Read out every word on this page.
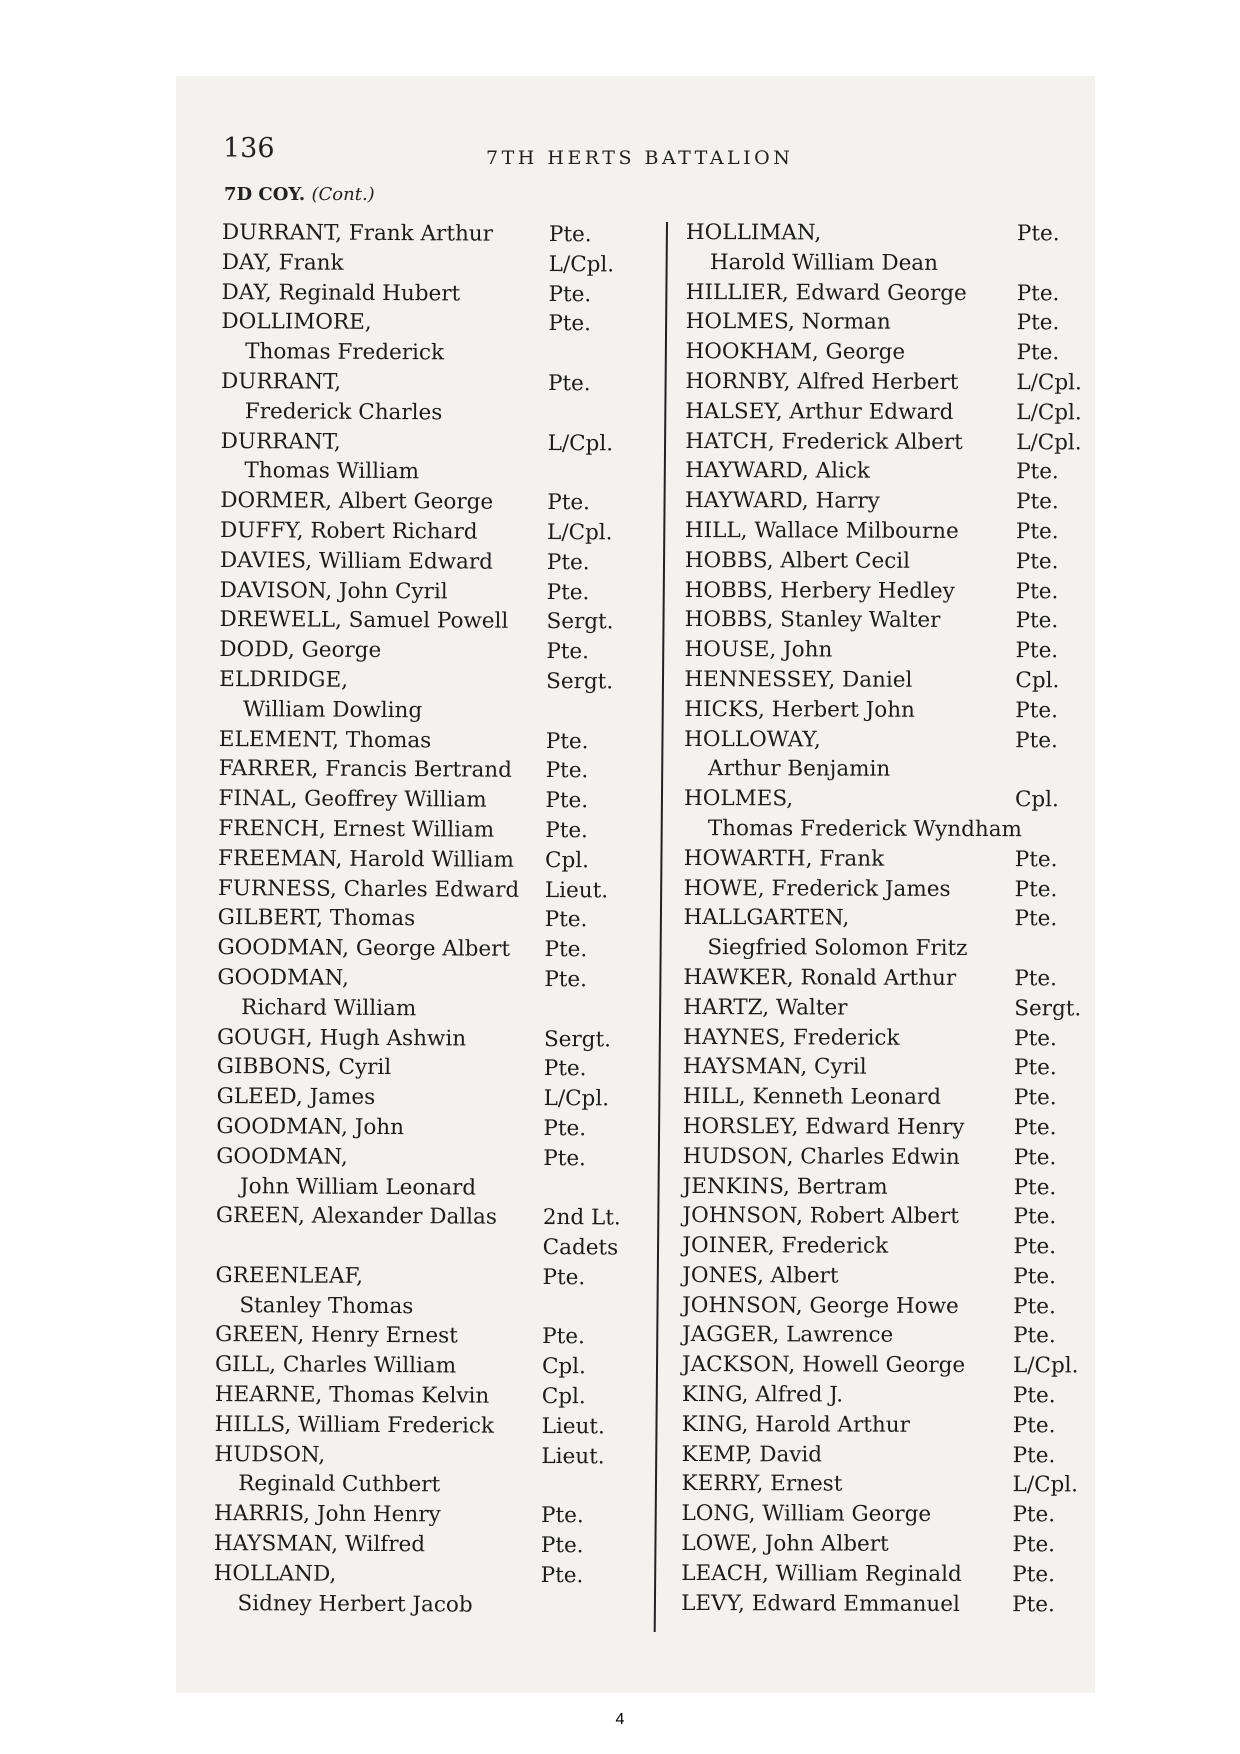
136	7TH HERTS BATTALION
7D COY. (Cont.)
DURRANT, Frank Arthur	Pte.
DAY, Frank	L/Cpl.
DAY, Reginald Hubert	Pte.
DOLLIMORE,	Pte.
Thomas Frederick
DURRANT,	Pte.
Frederick Charles
DURRANT,	L/Cpl.
Thomas William
DORMER, Albert George	Pte.
DUFFY, Robert Richard	L/Cpl.
DAVIES, William Edward	Pte.
DAVISON, John Cyril	Pte.
DREWELL, Samuel Powell Sergt.
DODD, George	Pte.
ELDRIDGE,	Sergt.
William Dowling
ELEMENT, Thomas	Pte.
FARRER, Francis Bertrand Pte.
FINAL, Geoffrey William	Pte.
FRENCH, Ernest William Pte.
FREEMAN, Harold William Cpl.
FURNESS, Charles Edward Lieut.
GILBERT, Thomas	Pte.
GOODMAN, George Albert Pte.
GOODMAN,	Pte.
Richard William
GOUGH, Hugh Ashwin	Sergt.
GIBBONS, Cyril	Pte.
GLEED, James	L/Cpl.
GOODMAN, John	Pte.
GOODMAN,	Pte.
John William Leonard
GREEN, Alexander Dallas 2nd Lt.
Cadets
GREENLEAF,	Pte.
Stanley Thomas
GREEN, Henry Ernest	Pte.
GILL, Charles William	Cpl.
HEARNE, Thomas Kelvin Cpl.
HILLS, William Frederick Lieut.
HUDSON,	Lieut.
Reginald Cuthbert
HARRIS, John Henry	Pte.
HAYSMAN, Wilfred	Pte.
HOLLAND,	Pte.
Sidney Herbert Jacob
HOLLIMAN,	Pte.
Harold William Dean
HILLIER, Edward George Pte.
HOLMES, Norman	Pte.
HOOKHAM, George	Pte.
HORNBY, Alfred Herbert	L/Cpl.
HALSEY, Arthur Edward	L/Cpl.
HATCH, Frederick Albert L/Cpl.
HAYWARD, Alick	Pte.
HAYWARD, Harry	Pte.
HILL, Wallace Milbourne	Pte.
HOBBS, Albert Cecil	Pte.
HOBBS, Herbery Hedley	Pte.
HOBBS, Stanley Walter	Pte.
HOUSE, John	Pte.
HENNESSEY, Daniel	Cpl.
HICKS, Herbert John	Pte.
HOLLOWAY,	Pte.
Arthur Benjamin
HOLMES,	Cpl.
Thomas Frederick Wyndham
HOWARTH, Frank	Pte.
HOWE, Frederick James	Pte.
HALLGARTEN,	Pte.
Siegfried Solomon Fritz
HAWKER, Ronald Arthur	Pte.
HARTZ, Walter	Sergt.
HAYNES, Frederick	Pte.
HAYSMAN, Cyril	Pte.
HILL, Kenneth Leonard	Pte.
HORSLEY, Edward Henry Pte.
HUDSON, Charles Edwin	Pte.
JENKINS, Bertram	Pte.
JOHNSON, Robert Albert	Pte.
JOINER, Frederick	Pte.
JONES, Albert	Pte.
JOHNSON, George Howe	Pte.
JAGGER, Lawrence	Pte.
JACKSON, Howell George L/Cpl.
KING, Alfred J.	Pte.
KING, Harold Arthur	Pte.
KEMP, David	Pte.
KERRY, Ernest	L/Cpl.
LONG, William George	Pte.
LOWE, John Albert	Pte.
LEACH, William Reginald Pte.
LEVY, Edward Emmanuel Pte.
4
